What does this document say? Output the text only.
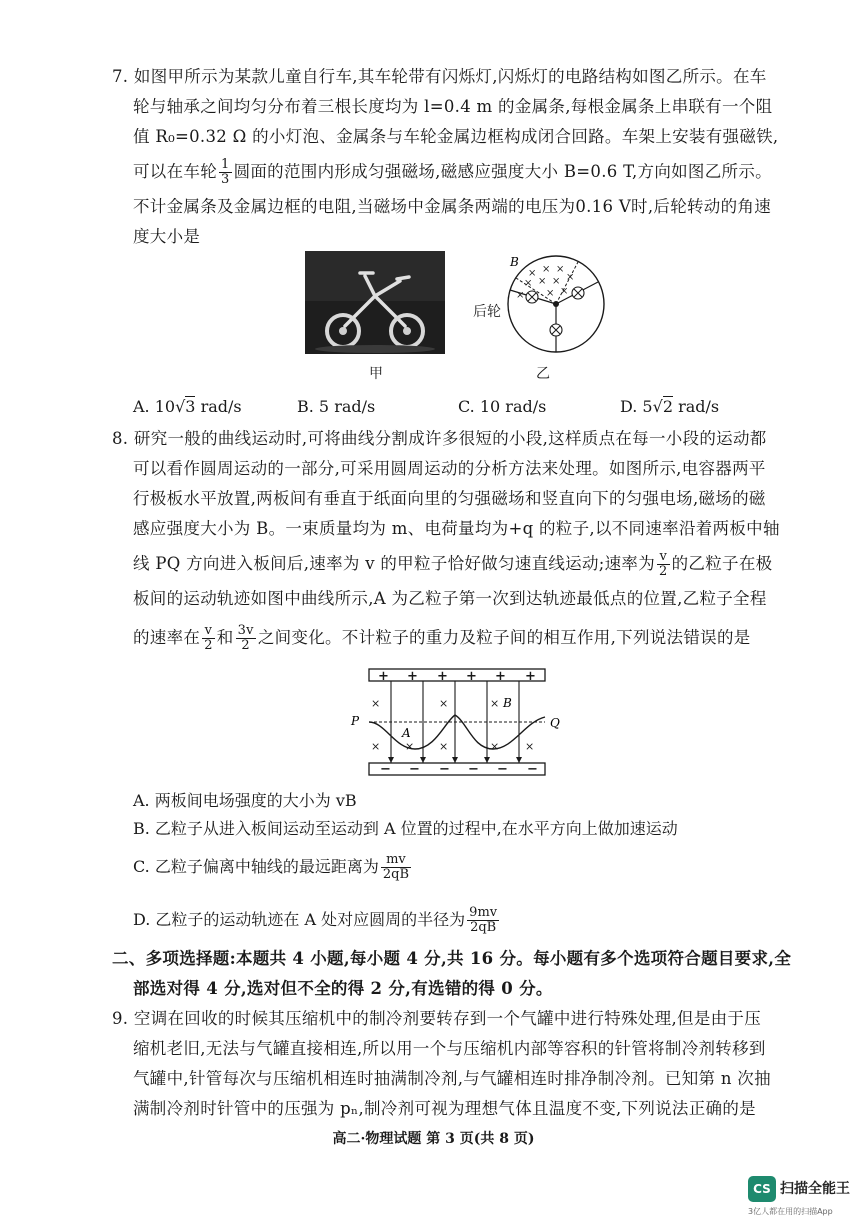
7. 如图甲所示为某款儿童自行车,其车轮带有闪烁灯,闪烁灯的电路结构如图乙所示。在车
轮与轴承之间均匀分布着三根长度均为 l=0.4 m 的金属条,每根金属条上串联有一个阻
值 R₀=0.32 Ω 的小灯泡、金属条与车轮金属边框构成闭合回路。车架上安装有强磁铁,
可以在车轮 $\frac{1}{3}$ 圆面的范围内形成匀强磁场,磁感应强度大小 B=0.6 T,方向如图乙所示。
不计金属条及金属边框的电阻,当磁场中金属条两端的电压为0.16 V时,后轮转动的角速
度大小是
甲
× × ×
× × × ×
× × ×
B
后轮
乙
A. 10√3 rad/s	B. 5 rad/s	C. 10 rad/s	D. 5√2 rad/s
8. 研究一般的曲线运动时,可将曲线分割成许多很短的小段,这样质点在每一小段的运动都
可以看作圆周运动的一部分,可采用圆周运动的分析方法来处理。如图所示,电容器两平
行极板水平放置,两板间有垂直于纸面向里的匀强磁场和竖直向下的匀强电场,磁场的磁
感应强度大小为 B。一束质量均为 m、电荷量均为+q 的粒子,以不同速率沿着两板中轴
线 PQ 方向进入板间后,速率为 v 的甲粒子恰好做匀速直线运动;速率为 $\frac{v}{2}$ 的乙粒子在极
板间的运动轨迹如图中曲线所示,A 为乙粒子第一次到达轨迹最低点的位置,乙粒子全程
的速率在 $\frac{v}{2}$ 和 $\frac{3v}{2}$ 之间变化。不计粒子的重力及粒子间的相互作用,下列说法错误的是
+ + + + + +
− − − − − −
×
×
×
×
×
×
×	×
P	Q
A
B
A. 两板间电场强度的大小为 vB
B. 乙粒子从进入板间运动至运动到 A 位置的过程中,在水平方向上做加速运动
C. 乙粒子偏离中轴线的最远距离为 $\frac{mv}{2qB}$
D. 乙粒子的运动轨迹在 A 处对应圆周的半径为 $\frac{9mv}{2qB}$
二、多项选择题:本题共 4 小题,每小题 4 分,共 16 分。每小题有多个选项符合题目要求,全
部选对得 4 分,选对但不全的得 2 分,有选错的得 0 分。
9. 空调在回收的时候其压缩机中的制冷剂要转存到一个气罐中进行特殊处理,但是由于压
缩机老旧,无法与气罐直接相连,所以用一个与压缩机内部等容积的针管将制冷剂转移到
气罐中,针管每次与压缩机相连时抽满制冷剂,与气罐相连时排净制冷剂。已知第 n 次抽
满制冷剂时针管中的压强为 pₙ,制冷剂可视为理想气体且温度不变,下列说法正确的是
高二·物理试题 第 3 页(共 8 页)
CS 扫描全能王
3亿人都在用的扫描App
